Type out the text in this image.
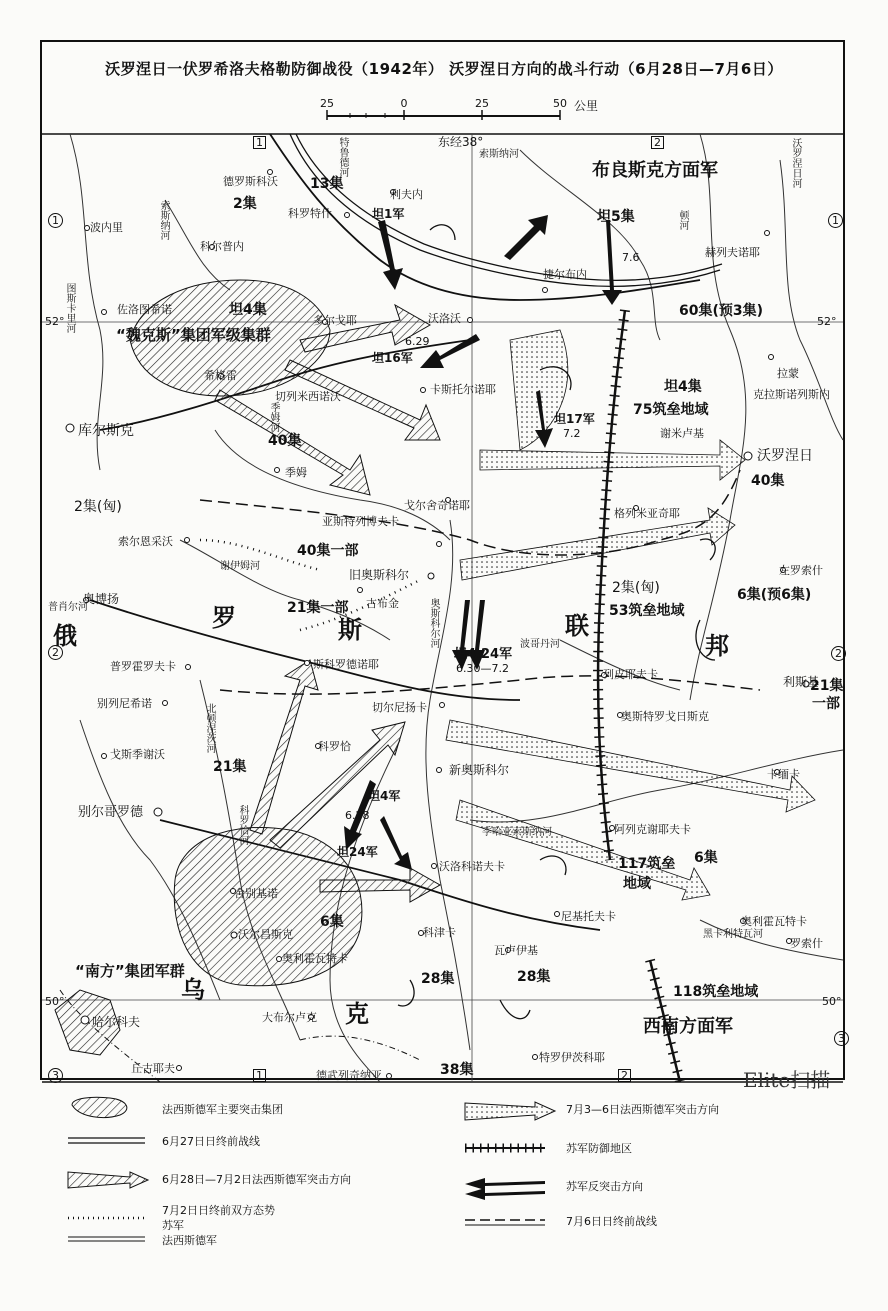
沃罗涅日一伏罗希洛夫格勒防御战役（1942年） 沃罗涅日方向的战斗行动（6月28日—7月6日）
25	0	25	50 公里
东经38°
52°	52°
50°	50°
1	2
1	2
2
3
3
1
1
2
布良斯克方面军
西南方面军
俄
罗	斯	联
邦
乌
克
“魏克斯”集团军级集群
“南方”集团军群
13集
2集
坦1军	坦5集
7.6
60集(预3集)
坦4集
坦16军
6.29
坦17军
7.2
坦4集
75筑垒地域
40集
40集
2集(匈)
40集一部
21集一部
坦4.24军
6.30—7.2
2集(匈)
53筑垒地域
6集(预6集)
21集
一部
21集
坦4军
6.28
坦24军
117筑垒
地域
6集
6集
28集	28集
118筑垒地域
38集
德罗斯科沃
利夫内
科罗特什
波内里
科尔普内
捷尔布内
赫列夫诺耶
佐洛图希诺
多尔戈耶	沃洛沃
希格雷
切列米西诺沃
卡斯托尔诺耶
谢米卢基
拉蒙
克拉斯诺列斯内
库尔斯克
季姆
沃罗涅日
戈尔舍奇诺耶
亚斯特列博夫卡
格列米亚奇耶
索尔恩采沃
旧奥斯科尔
古布金
左罗索什
奥博扬
普罗霍罗夫卡	斯科罗德诺耶
列皮耶夫卡
利斯基
别列尼希诺	切尔尼扬卡
奥斯特罗戈日斯克
戈斯季谢沃
科罗恰
卡缅卡
别尔哥罗德
新奥斯科尔
阿列克谢耶夫卡
沃洛科诺夫卡
舍别基诺
尼基托夫卡
沃尔昌斯克	科津卡
奥利霍瓦特卡
奥利霍瓦特卡
罗索什
瓦卢伊基
大布尔卢克
哈尔科夫
特罗伊茨科耶
丘古耶夫
德武列奇纳亚
索斯纳河
特鲁德河
顿河
沃罗涅日河
季姆河
谢伊姆河
奥斯科尔河
北顿涅茨河
波哥丹河
索斯纳河
图斯卡里河
黑卡利特瓦河
普肖尔河
科罗恰河	季哈亚索斯纳河
Elite扫描
法西斯德军主要突击集团
6月27日日终前战线
6月28日—7月2日法西斯德军突击方向
7月2日日终前双方态势
苏军
法西斯德军
7月3—6日法西斯德军突击方向
苏军防御地区
苏军反突击方向
7月6日日终前战线
